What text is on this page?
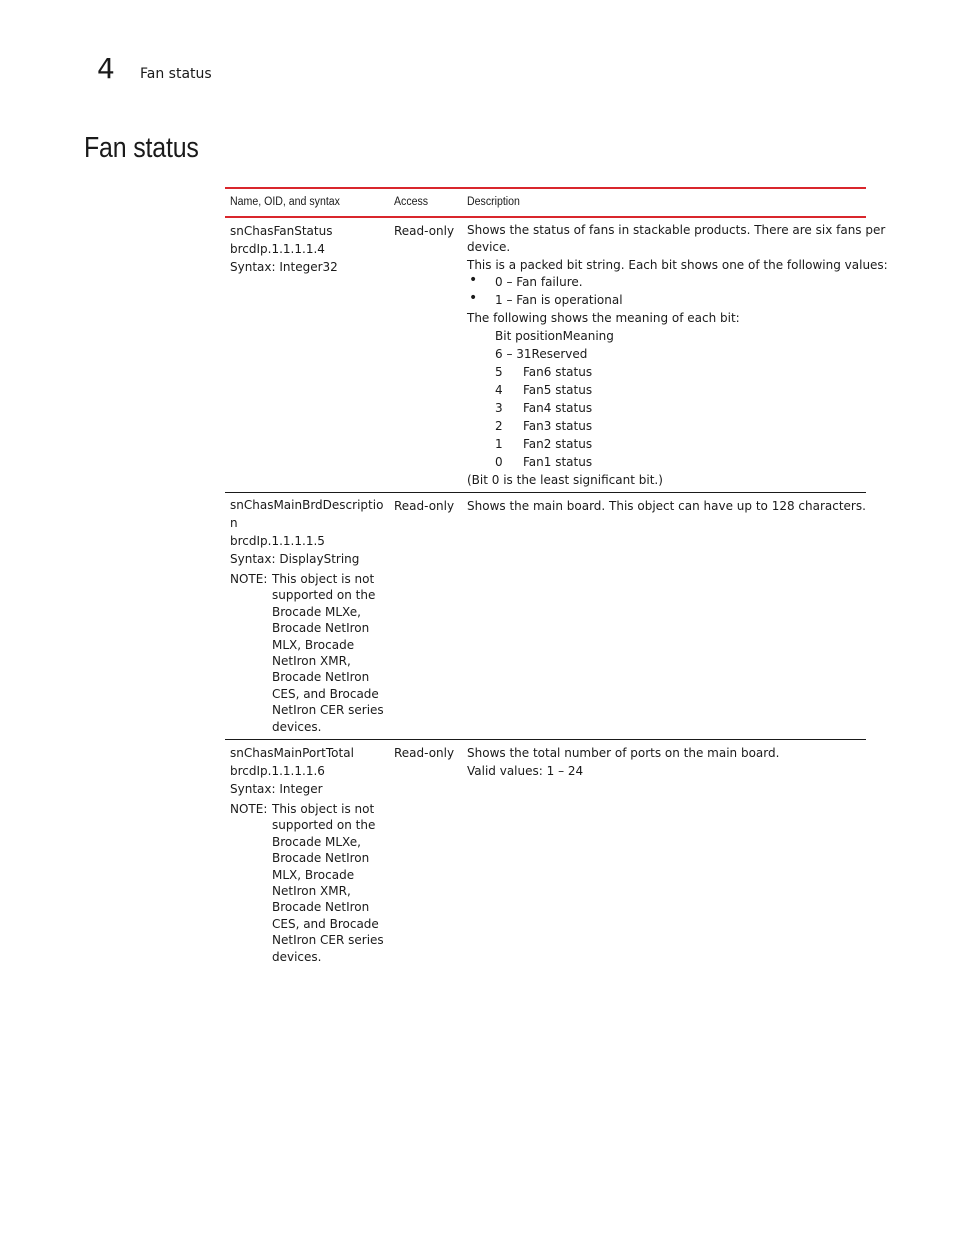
4 Fan status
Fan status
Name, OID, and syntax	Access	Description
snChasFanStatus
brcdIp.1.1.1.1.4
Syntax: Integer32
Read-only	Shows the status of fans in stackable products. There are six fans per
device.
This is a packed bit string. Each bit shows one of the following values:
• 0 – Fan failure.
• 1 – Fan is operational
The following shows the meaning of each bit:
Bit positionMeaning
6 – 31Reserved
5 Fan6 status
4 Fan5 status
3 Fan4 status
2 Fan3 status
1 Fan2 status
0 Fan1 status
(Bit 0 is the least significant bit.)
snChasMainBrdDescriptio
n
brcdIp.1.1.1.1.5
Syntax: DisplayString
NOTE: This object is not supported on the Brocade MLXe, Brocade NetIron MLX, Brocade NetIron XMR, Brocade NetIron CES, and Brocade NetIron CER series devices.
Read-only	Shows the main board. This object can have up to 128 characters.
snChasMainPortTotal
brcdIp.1.1.1.1.6
Syntax: Integer
NOTE: This object is not supported on the Brocade MLXe, Brocade NetIron MLX, Brocade NetIron XMR, Brocade NetIron CES, and Brocade NetIron CER series devices.
Read-only	Shows the total number of ports on the main board.
Valid values: 1 – 24
